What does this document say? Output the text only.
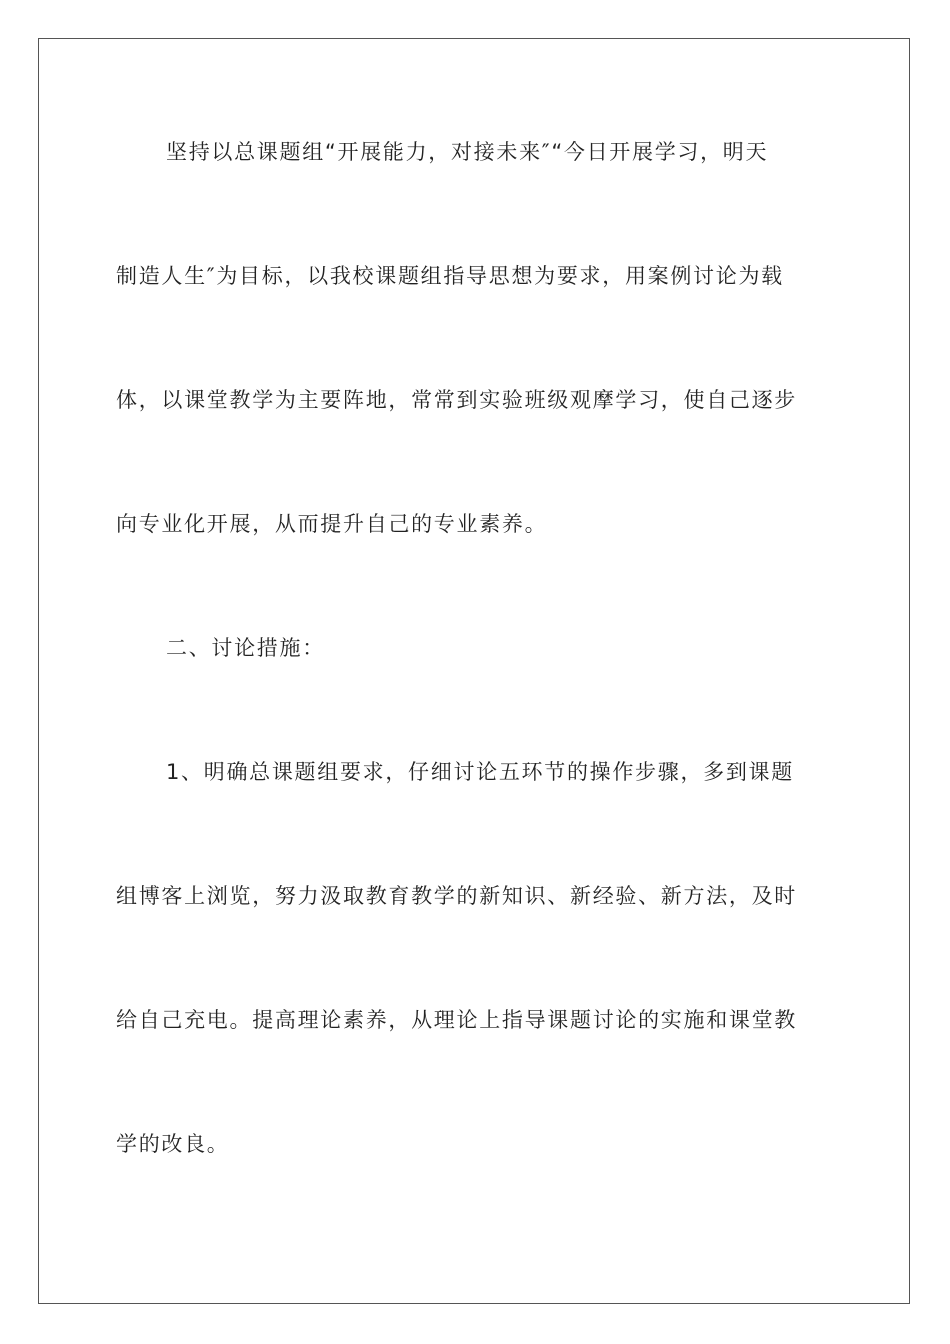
坚持以总课题组“开展能力，对接未来″“今日开展学习，明天
制造人生″为目标，以我校课题组指导思想为要求，用案例讨论为载
体，以课堂教学为主要阵地，常常到实验班级观摩学习，使自己逐步
向专业化开展，从而提升自己的专业素养。
二、讨论措施：
1、明确总课题组要求，仔细讨论五环节的操作步骤，多到课题
组博客上浏览，努力汲取教育教学的新知识、新经验、新方法，及时
给自己充电。提高理论素养，从理论上指导课题讨论的实施和课堂教
学的改良。
